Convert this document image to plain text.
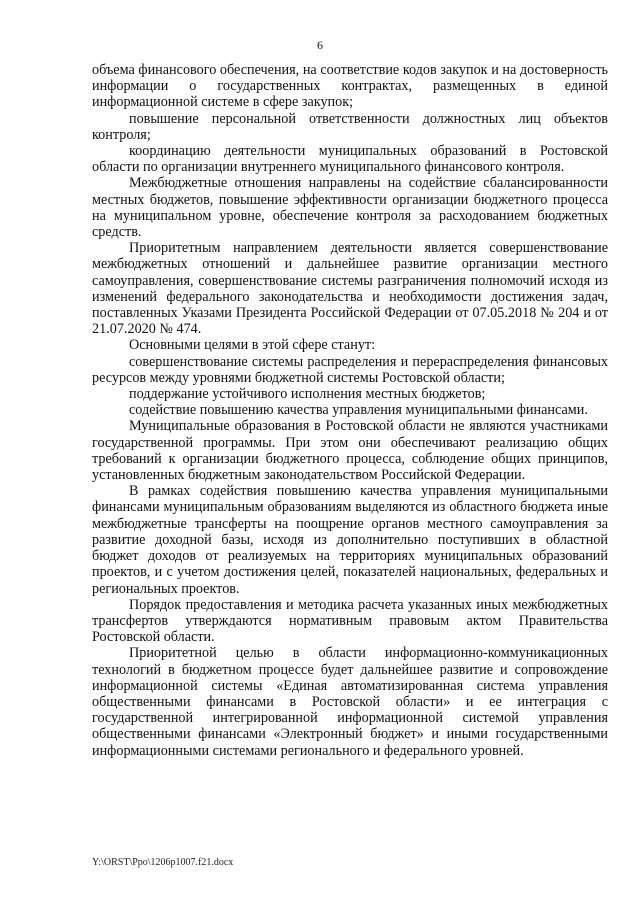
6

объема финансового обеспечения, на соответствие кодов закупок и на достоверность информации о государственных контрактах, размещенных в единой информационной системе в сфере закупок;

повышение персональной ответственности должностных лиц объектов контроля;

координацию деятельности муниципальных образований в Ростовской области по организации внутреннего муниципального финансового контроля.

Межбюджетные отношения направлены на содействие сбалансированности местных бюджетов, повышение эффективности организации бюджетного процесса на муниципальном уровне, обеспечение контроля за расходованием бюджетных средств.

Приоритетным направлением деятельности является совершенствование межбюджетных отношений и дальнейшее развитие организации местного самоуправления, совершенствование системы разграничения полномочий исходя из изменений федерального законодательства и необходимости достижения задач, поставленных Указами Президента Российской Федерации от 07.05.2018 № 204 и от 21.07.2020 № 474.

Основными целями в этой сфере станут:

совершенствование системы распределения и перераспределения финансовых ресурсов между уровнями бюджетной системы Ростовской области;

поддержание устойчивого исполнения местных бюджетов;

содействие повышению качества управления муниципальными финансами.

Муниципальные образования в Ростовской области не являются участниками государственной программы. При этом они обеспечивают реализацию общих требований к организации бюджетного процесса, соблюдение общих принципов, установленных бюджетным законодательством Российской Федерации.

В рамках содействия повышению качества управления муниципальными финансами муниципальным образованиям выделяются из областного бюджета иные межбюджетные трансферты на поощрение органов местного самоуправления за развитие доходной базы, исходя из дополнительно поступивших в областной бюджет доходов от реализуемых на территориях муниципальных образований проектов, и с учетом достижения целей, показателей национальных, федеральных и региональных проектов.

Порядок предоставления и методика расчета указанных иных межбюджетных трансфертов утверждаются нормативным правовым актом Правительства Ростовской области.

Приоритетной целью в области информационно-коммуникационных технологий в бюджетном процессе будет дальнейшее развитие и сопровождение информационной системы «Единая автоматизированная система управления общественными финансами в Ростовской области» и ее интеграция с государственной интегрированной информационной системой управления общественными финансами «Электронный бюджет» и иными государственными информационными системами регионального и федерального уровней.

Y:\ORST\Ppo\1206p1007.f21.docx
